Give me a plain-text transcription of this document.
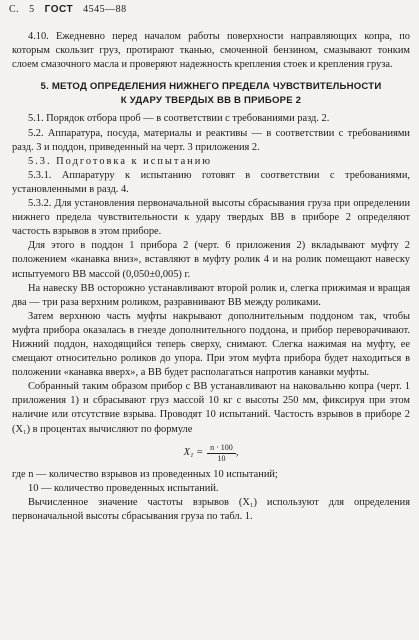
С. 5 ГОСТ 4545—88

4.10. Ежедневно перед началом работы поверхности направляющих копра, по которым скользит груз, протирают тканью, смоченной бензином, смазывают тонким слоем смазочного масла и проверяют надежность крепления стоек и крепления груза.

5. МЕТОД ОПРЕДЕЛЕНИЯ НИЖНЕГО ПРЕДЕЛА ЧУВСТВИТЕЛЬНОСТИ

К УДАРУ ТВЕРДЫХ ВВ В ПРИБОРЕ 2

5.1. Порядок отбора проб — в соответствии с требованиями разд. 2.

5.2. Аппаратура, посуда, материалы и реактивы — в соответствии с требованиями разд. 3 и поддон, приведенный на черт. 3 приложения 2.

5.3. Подготовка к испытанию

5.3.1. Аппаратуру к испытанию готовят в соответствии с требованиями, установленными в разд. 4.

5.3.2. Для установления первоначальной высоты сбрасывания груза при определении нижнего предела чувствительности к удару твердых ВВ в приборе 2 определяют частость взрывов в этом приборе.

Для этого в поддон 1 прибора 2 (черт. 6 приложения 2) вкладывают муфту 2 положением «канавка вниз», вставляют в муфту ролик 4 и на ролик помещают навеску испытуемого ВВ массой (0,050±0,005) г.

На навеску ВВ осторожно устанавливают второй ролик и, слегка прижимая и вращая два — три раза верхним роликом, разравнивают ВВ между роликами.

Затем верхнюю часть муфты накрывают дополнительным поддоном так, чтобы муфта прибора оказалась в гнезде дополнительного поддона, и прибор переворачивают. Нижний поддон, находящийся теперь сверху, снимают. Слегка нажимая на муфту, ее смещают относительно роликов до упора. При этом муфта прибора будет находиться в положении «канавка вверх», а ВВ будет располагаться напротив канавки муфты.

Собранный таким образом прибор с ВВ устанавливают на наковальню копра (черт. 1 приложения 1) и сбрасывают груз массой 10 кг с высоты 250 мм, фиксируя при этом наличие или отсутствие взрыва. Проводят 10 испытаний. Частость взрывов в приборе 2 (X₁) в процентах вычисляют по формуле

$X_1 = \frac{n \cdot 100}{10}$ ,

где n — количество взрывов из проведенных 10 испытаний;

10 — количество проведенных испытаний.

Вычисленное значение частоты взрывов (X₁) используют для определения первоначальной высоты сбрасывания груза по табл. 1.
